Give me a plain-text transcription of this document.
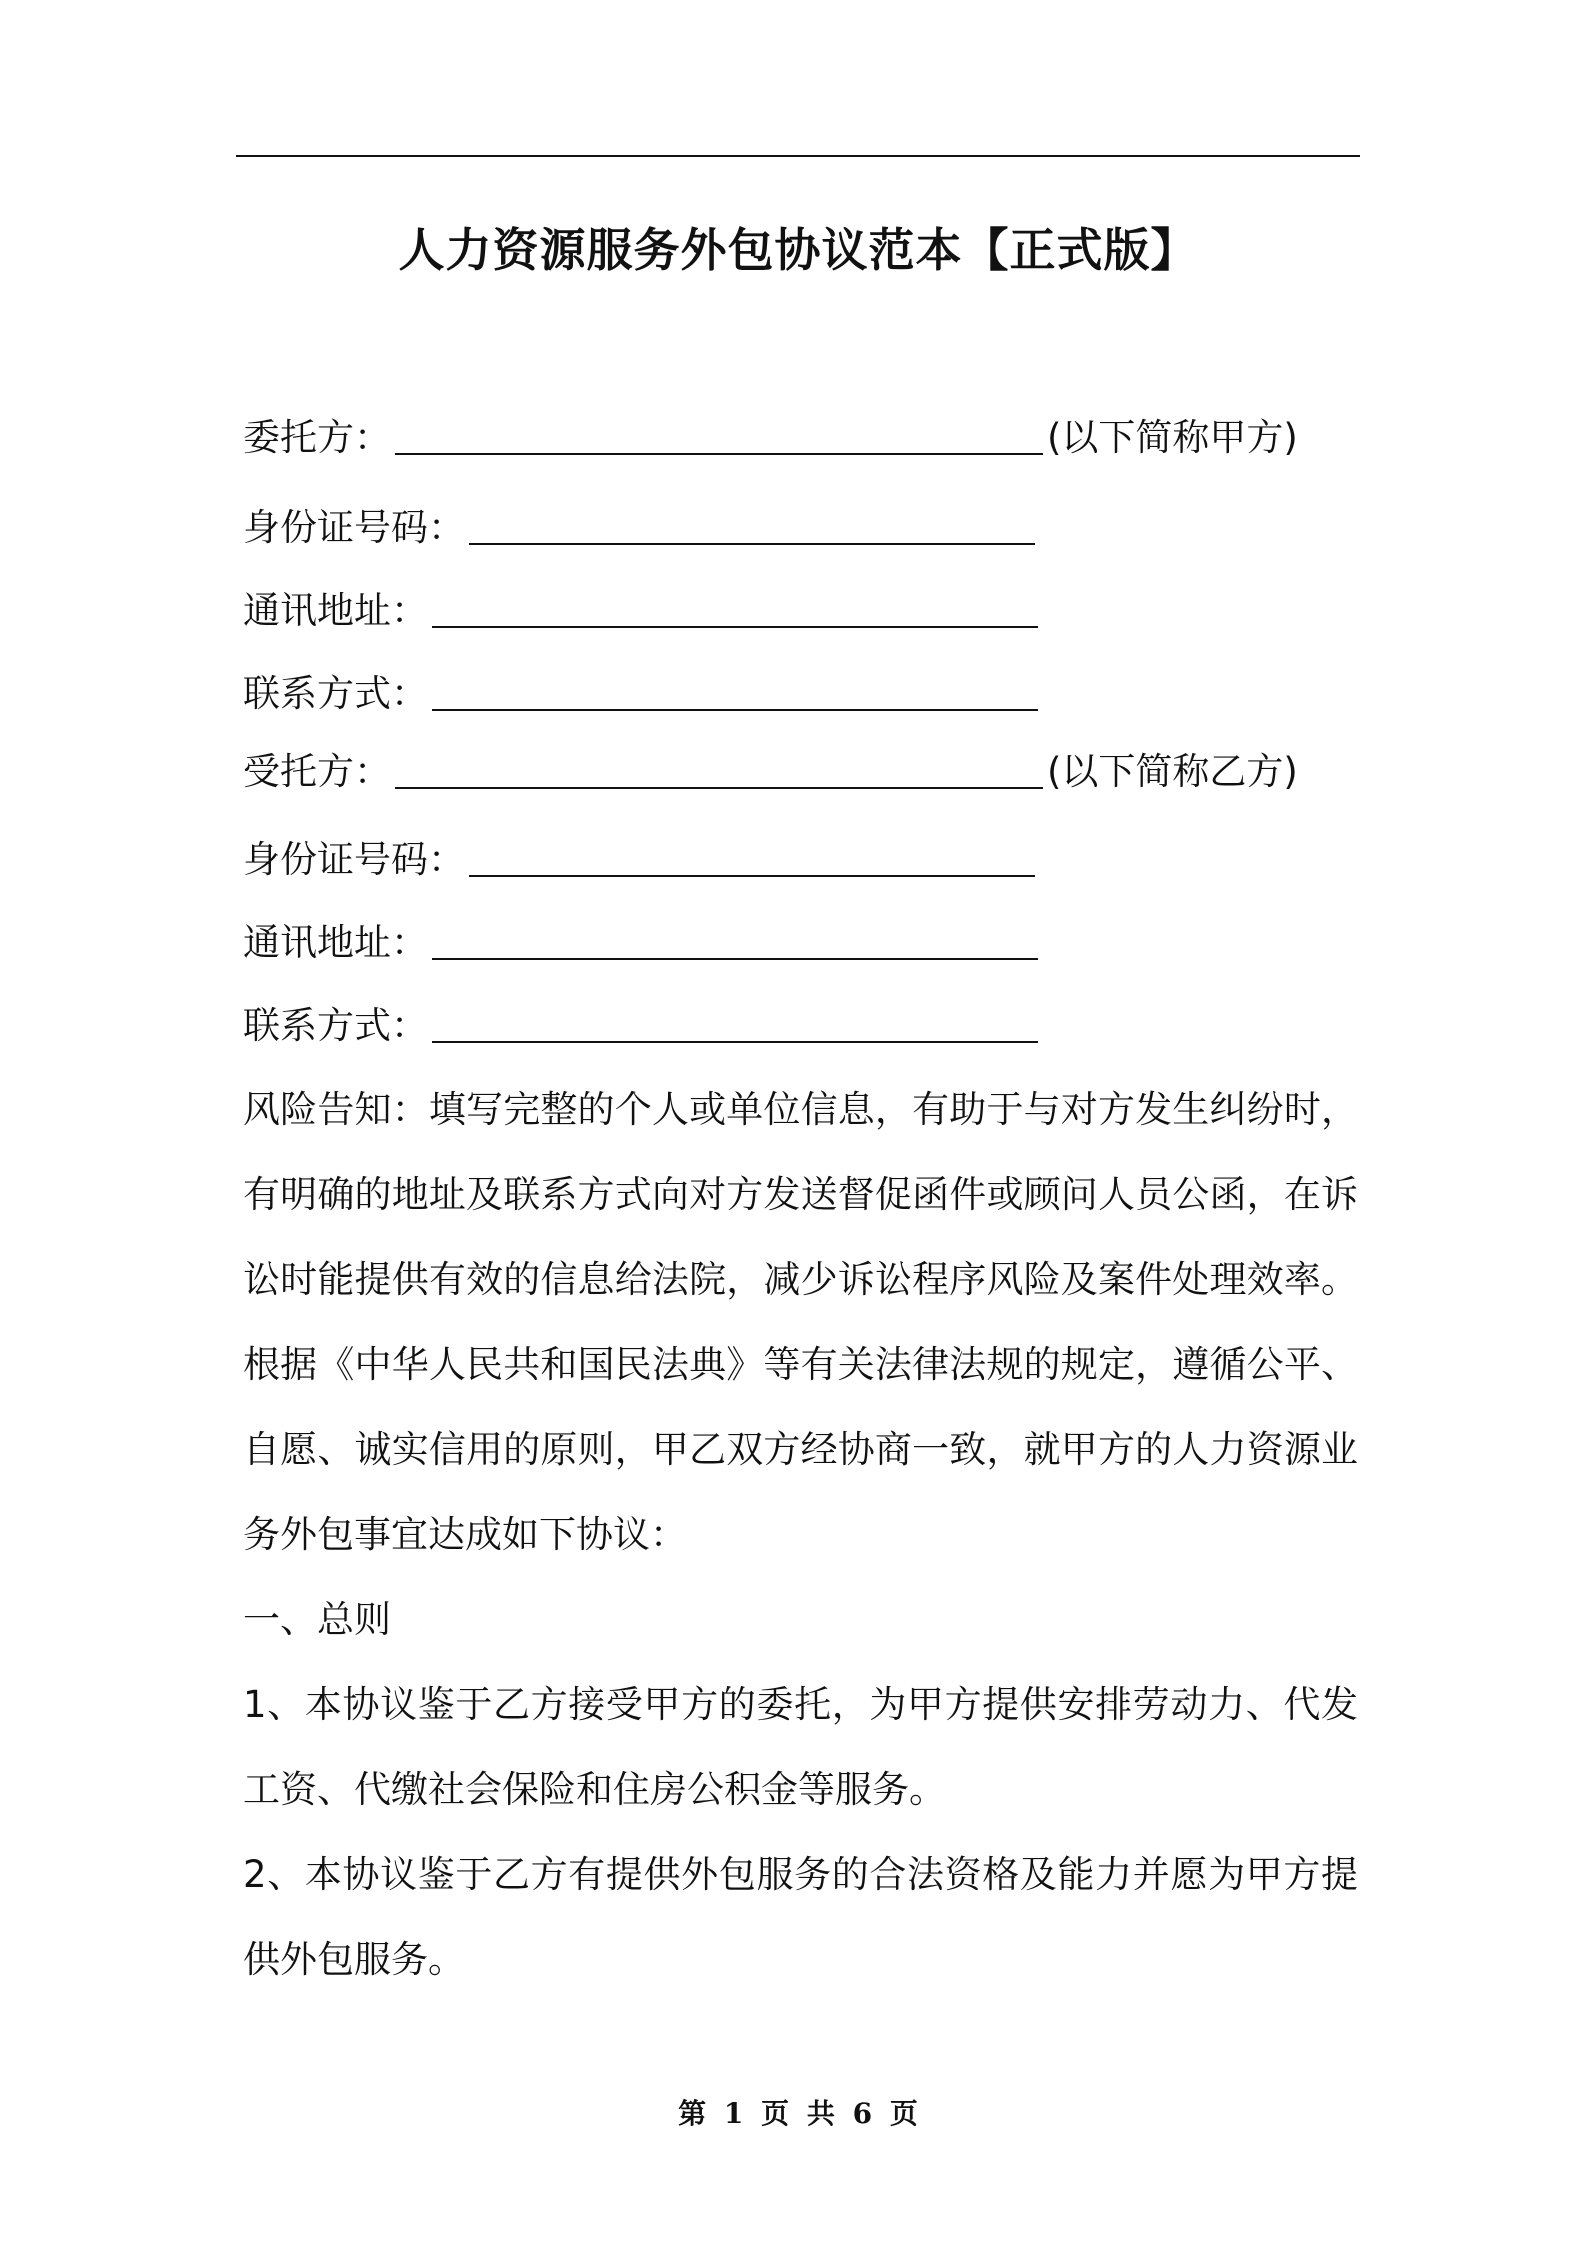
人力资源服务外包协议范本【正式版】
委托方：	(以下简称甲方)
身份证号码：
通讯地址：
联系方式：
受托方：	(以下简称乙方)
身份证号码：
通讯地址：
联系方式：
风险告知：填写完整的个人或单位信息，有助于与对方发生纠纷时，
有明确的地址及联系方式向对方发送督促函件或顾问人员公函，在诉
讼时能提供有效的信息给法院，减少诉讼程序风险及案件处理效率。
根据《中华人民共和国民法典》等有关法律法规的规定，遵循公平、
自愿、诚实信用的原则，甲乙双方经协商一致，就甲方的人力资源业
务外包事宜达成如下协议：
一、总则
1、本协议鉴于乙方接受甲方的委托，为甲方提供安排劳动力、代发
工资、代缴社会保险和住房公积金等服务。
2、本协议鉴于乙方有提供外包服务的合法资格及能力并愿为甲方提
供外包服务。
第 1 页 共 6 页
